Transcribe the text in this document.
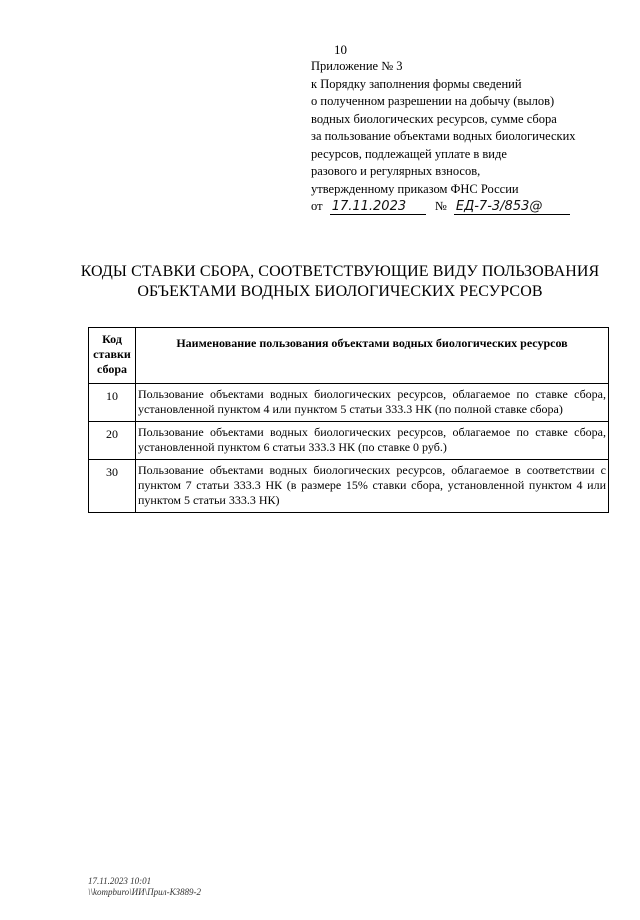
10
Приложение № 3
к Порядку заполнения формы сведений
о полученном разрешении на добычу (вылов)
водных биологических ресурсов, сумме сбора
за пользование объектами водных биологических
ресурсов, подлежащей уплате в виде
разового и регулярных взносов,
утвержденному приказом ФНС России
от 17.11.2023 № ЕД-7-3/853@
КОДЫ СТАВКИ СБОРА, СООТВЕТСТВУЮЩИЕ ВИДУ ПОЛЬЗОВАНИЯ
ОБЪЕКТАМИ ВОДНЫХ БИОЛОГИЧЕСКИХ РЕСУРСОВ
Код
ставки
сбора	Наименование пользования объектами водных биологических ресурсов
10	Пользование объектами водных биологических ресурсов, облагаемое по ставке сбора, установленной пунктом 4 или пунктом 5 статьи 333.3 НК (по полной ставке сбора)
20	Пользование объектами водных биологических ресурсов, облагаемое по ставке сбора, установленной пунктом 6 статьи 333.3 НК (по ставке 0 руб.)
30	Пользование объектами водных биологических ресурсов, облагаемое в соответствии с пунктом 7 статьи 333.3 НК (в размере 15% ставки сбора, установленной пунктом 4 или пунктом 5 статьи 333.3 НК)
17.11.2023 10:01
\\kompburo\ИИ\Прил-КЗ889-2
